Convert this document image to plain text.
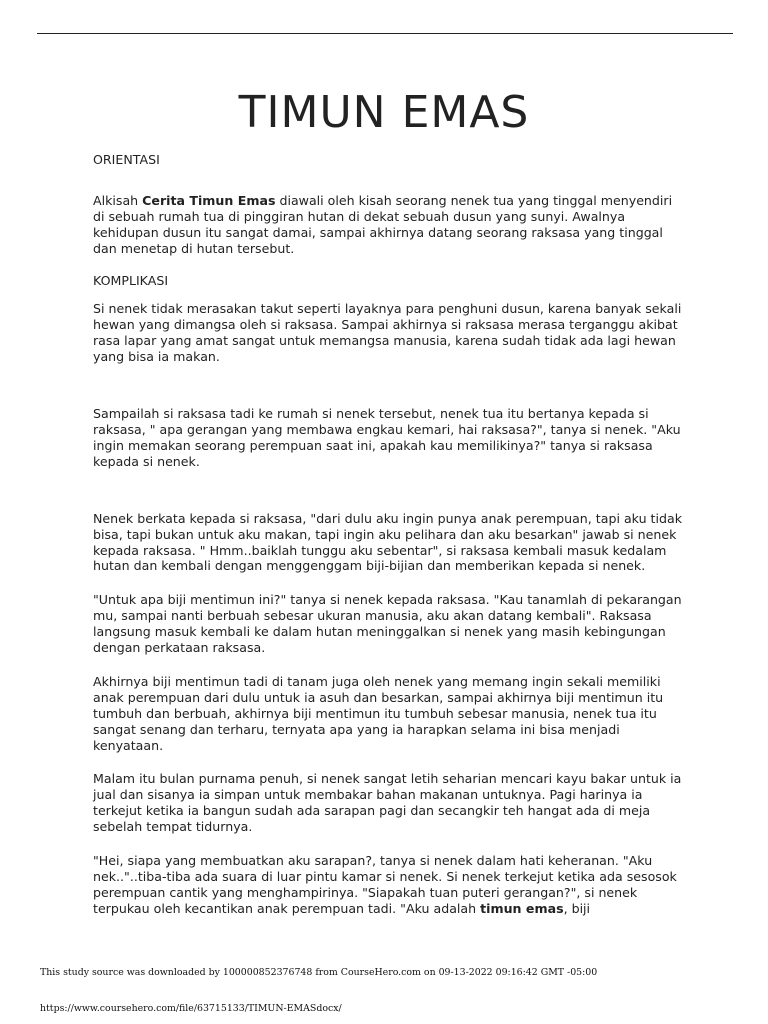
TIMUN EMAS

ORIENTASI

Alkisah Cerita Timun Emas diawali oleh kisah seorang nenek tua yang tinggal menyendiri di sebuah rumah tua di pinggiran hutan di dekat sebuah dusun yang sunyi. Awalnya kehidupan dusun itu sangat damai, sampai akhirnya datang seorang raksasa yang tinggal dan menetap di hutan tersebut.

KOMPLIKASI

Si nenek tidak merasakan takut seperti layaknya para penghuni dusun, karena banyak sekali hewan yang dimangsa oleh si raksasa. Sampai akhirnya si raksasa merasa terganggu akibat rasa lapar yang amat sangat untuk memangsa manusia, karena sudah tidak ada lagi hewan yang bisa ia makan.

Sampailah si raksasa tadi ke rumah si nenek tersebut, nenek tua itu bertanya kepada si raksasa, " apa gerangan yang membawa engkau kemari, hai raksasa?", tanya si nenek. "Aku ingin memakan seorang perempuan saat ini, apakah kau memilikinya?" tanya si raksasa kepada si nenek.

Nenek berkata kepada si raksasa, "dari dulu aku ingin punya anak perempuan, tapi aku tidak bisa, tapi bukan untuk aku makan, tapi ingin aku pelihara dan aku besarkan" jawab si nenek kepada raksasa. " Hmm..baiklah tunggu aku sebentar", si raksasa kembali masuk kedalam hutan dan kembali dengan menggenggam biji-bijian dan memberikan kepada si nenek.

"Untuk apa biji mentimun ini?" tanya si nenek kepada raksasa. "Kau tanamlah di pekarangan mu, sampai nanti berbuah sebesar ukuran manusia, aku akan datang kembali". Raksasa langsung masuk kembali ke dalam hutan meninggalkan si nenek yang masih kebingungan dengan perkataan raksasa.

Akhirnya biji mentimun tadi di tanam juga oleh nenek yang memang ingin sekali memiliki anak perempuan dari dulu untuk ia asuh dan besarkan, sampai akhirnya biji mentimun itu tumbuh dan berbuah, akhirnya biji mentimun itu tumbuh sebesar manusia, nenek tua itu sangat senang dan terharu, ternyata apa yang ia harapkan selama ini bisa menjadi kenyataan.

Malam itu bulan purnama penuh, si nenek sangat letih seharian mencari kayu bakar untuk ia jual dan sisanya ia simpan untuk membakar bahan makanan untuknya. Pagi harinya ia terkejut ketika ia bangun sudah ada sarapan pagi dan secangkir teh hangat ada di meja sebelah tempat tidurnya.

"Hei, siapa yang membuatkan aku sarapan?, tanya si nenek dalam hati keheranan. "Aku nek.."..tiba-tiba ada suara di luar pintu kamar si nenek. Si nenek terkejut ketika ada sesosok perempuan cantik yang menghampirinya. "Siapakah tuan puteri gerangan?", si nenek terpukau oleh kecantikan anak perempuan tadi. "Aku adalah timun emas, biji

This study source was downloaded by 100000852376748 from CourseHero.com on 09-13-2022 09:16:42 GMT -05:00
https://www.coursehero.com/file/63715133/TIMUN-EMASdocx/
